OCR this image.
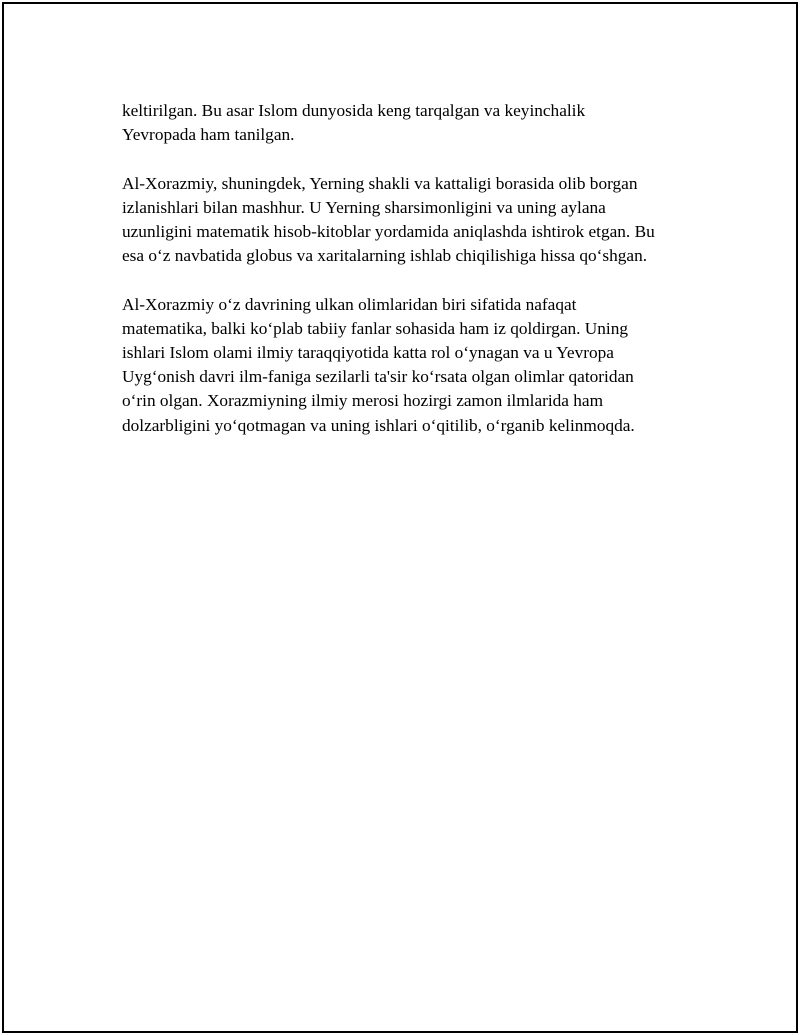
keltirilgan. Bu asar Islom dunyosida keng tarqalgan va keyinchalik
Yevropada ham tanilgan.

Al-Xorazmiy, shuningdek, Yerning shakli va kattaligi borasida olib borgan
izlanishlari bilan mashhur. U Yerning sharsimonligini va uning aylana
uzunligini matematik hisob-kitoblar yordamida aniqlashda ishtirok etgan. Bu
esa oʻz navbatida globus va xaritalarning ishlab chiqilishiga hissa qoʻshgan.

Al-Xorazmiy oʻz davrining ulkan olimlaridan biri sifatida nafaqat
matematika, balki koʻplab tabiiy fanlar sohasida ham iz qoldirgan. Uning
ishlari Islom olami ilmiy taraqqiyotida katta rol oʻynagan va u Yevropa
Uygʻonish davri ilm-faniga sezilarli ta'sir koʻrsata olgan olimlar qatoridan
oʻrin olgan. Xorazmiyning ilmiy merosi hozirgi zamon ilmlarida ham
dolzarbligini yoʻqotmagan va uning ishlari oʻqitilib, oʻrganib kelinmoqda.
